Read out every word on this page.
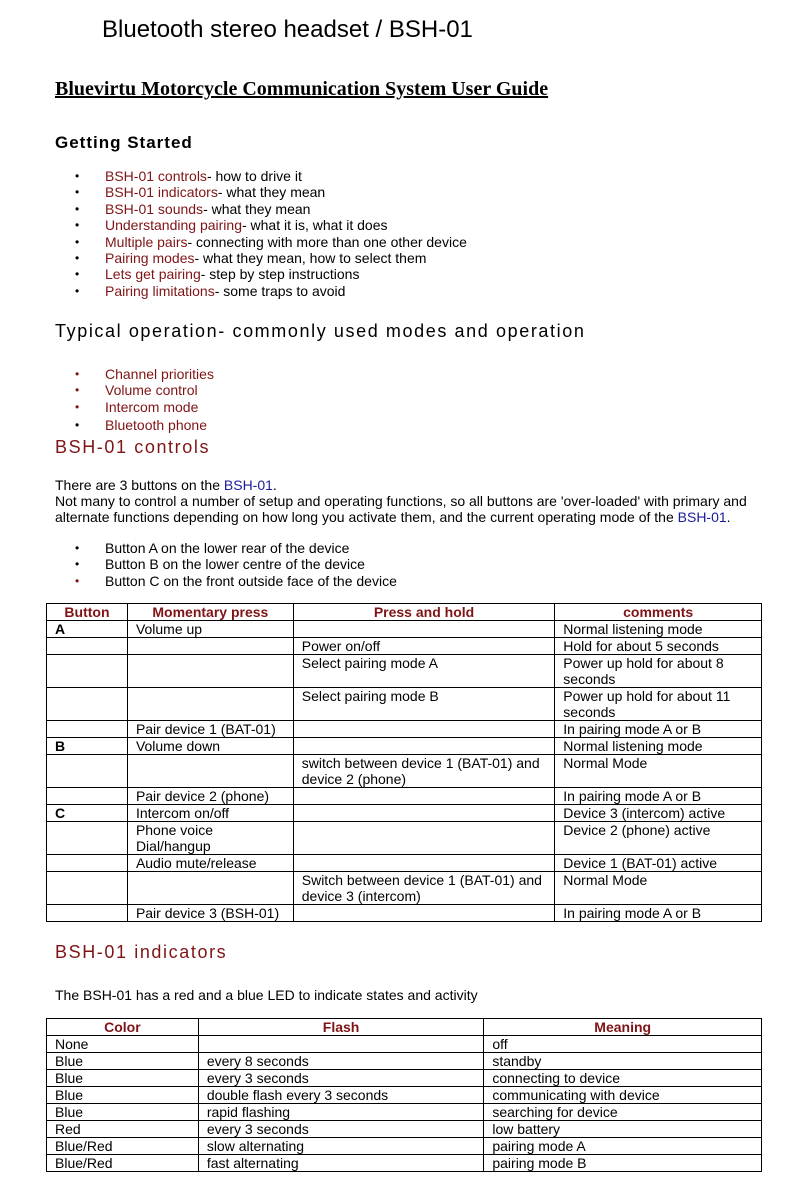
Bluetooth stereo headset / BSH-01
Bluevirtu Motorcycle Communication System User Guide
Getting Started
• BSH-01 controls- how to drive it
• BSH-01 indicators- what they mean
• BSH-01 sounds- what they mean
• Understanding pairing- what it is, what it does
• Multiple pairs- connecting with more than one other device
• Pairing modes- what they mean, how to select them
• Lets get pairing- step by step instructions
• Pairing limitations- some traps to avoid
Typical operation- commonly used modes and operation
• Channel priorities
• Volume control
• Intercom mode
• Bluetooth phone
BSH-01 controls
There are 3 buttons on the BSH-01.
Not many to control a number of setup and operating functions, so all buttons are 'over-loaded' with primary and alternate functions depending on how long you activate them, and the current operating mode of the BSH-01.
• Button A on the lower rear of the device
• Button B on the lower centre of the device
• Button C on the front outside face of the device
Button	Momentary press	Press and hold	comments
A	Volume up		Normal listening mode
		Power on/off	Hold for about 5 seconds
		Select pairing mode A	Power up hold for about 8 seconds
		Select pairing mode B	Power up hold for about 11 seconds
	Pair device 1 (BAT-01)		In pairing mode A or B
B	Volume down		Normal listening mode
		switch between device 1 (BAT-01) and device 2 (phone)	Normal Mode
	Pair device 2 (phone)		In pairing mode A or B
C	Intercom on/off		Device 3 (intercom) active
	Phone voice Dial/hangup		Device 2 (phone) active
	Audio mute/release		Device 1 (BAT-01) active
		Switch between device 1 (BAT-01) and device 3 (intercom)	Normal Mode
	Pair device 3 (BSH-01)		In pairing mode A or B
BSH-01 indicators
The BSH-01 has a red and a blue LED to indicate states and activity
Color	Flash	Meaning
None		off
Blue	every 8 seconds	standby
Blue	every 3 seconds	connecting to device
Blue	double flash every 3 seconds	communicating with device
Blue	rapid flashing	searching for device
Red	every 3 seconds	low battery
Blue/Red	slow alternating	pairing mode A
Blue/Red	fast alternating	pairing mode B
